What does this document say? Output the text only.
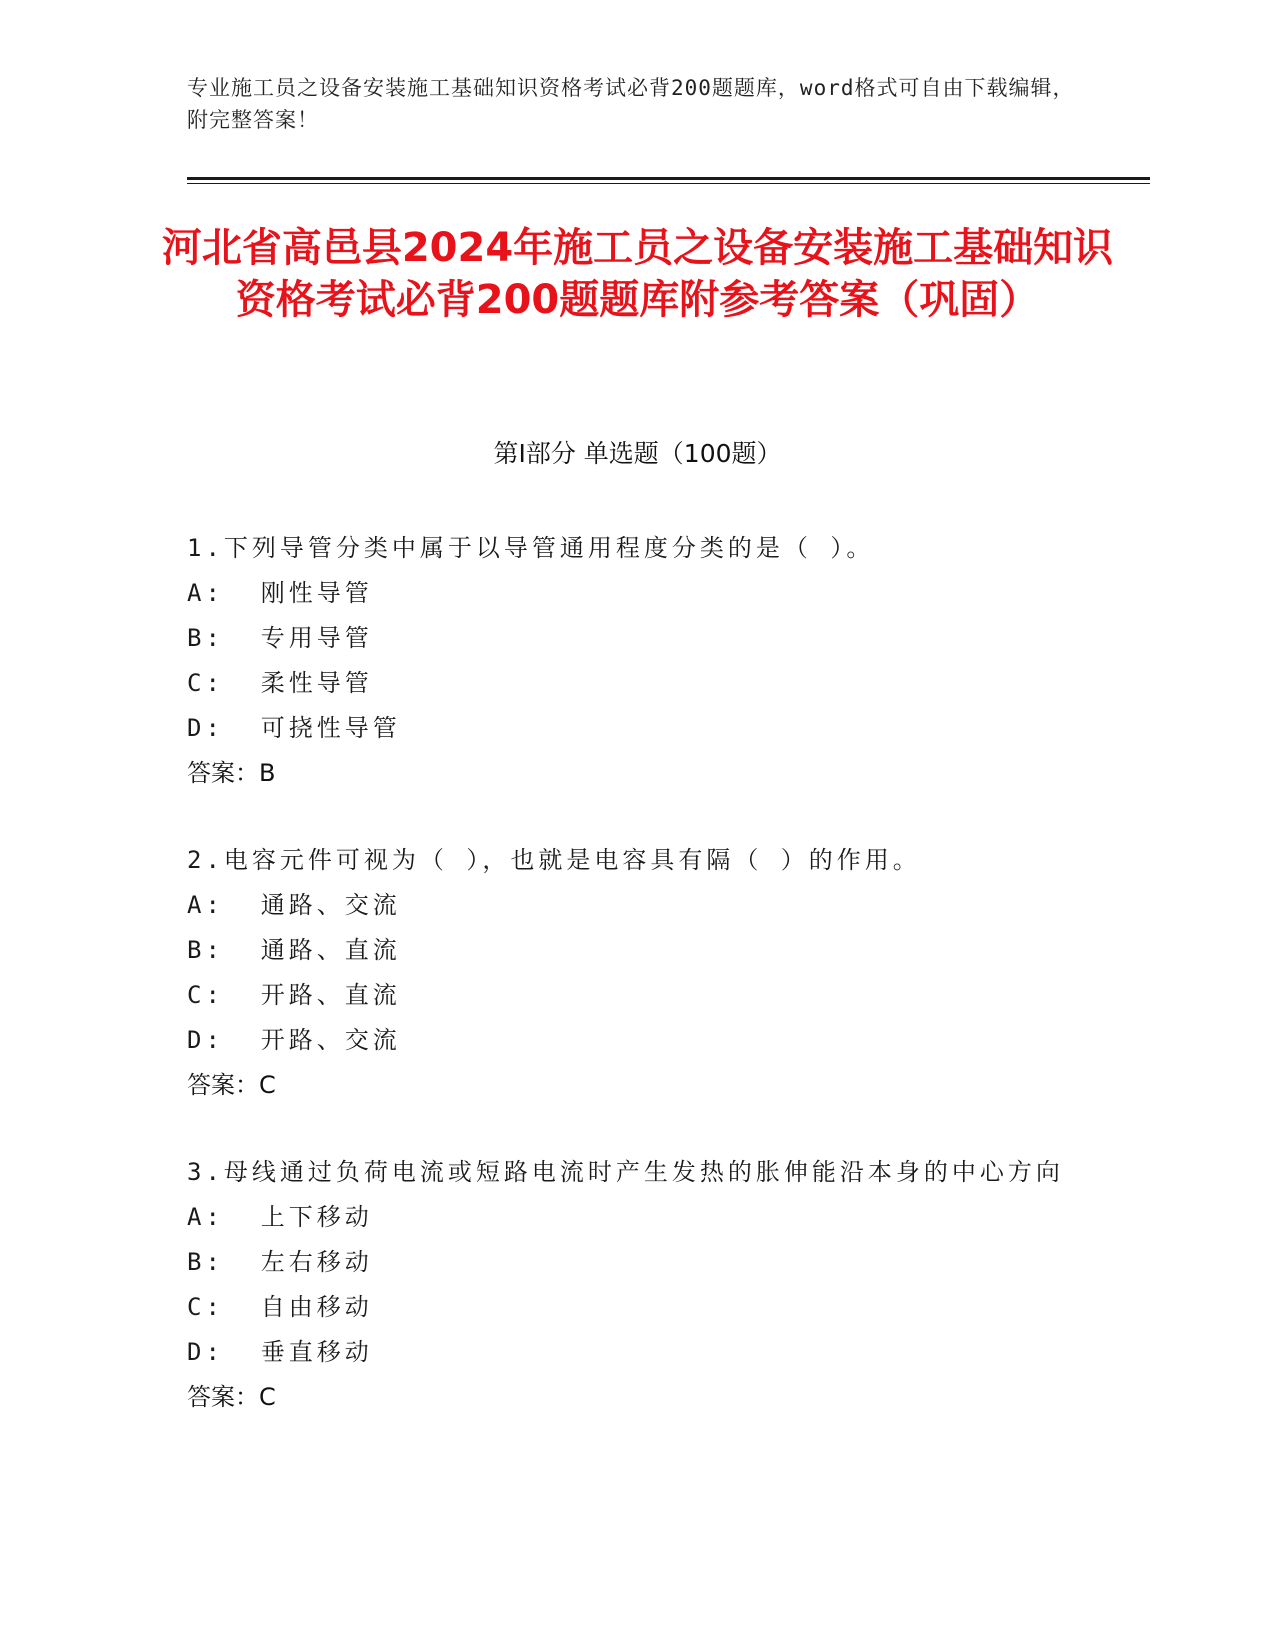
专业施工员之设备安装施工基础知识资格考试必背200题题库，word格式可自由下载编辑，附完整答案！
河北省高邑县2024年施工员之设备安装施工基础知识资格考试必背200题题库附参考答案（巩固）
第Ⅰ部分 单选题（100题）
1.下列导管分类中属于以导管通用程度分类的是（ ）。
A:  刚性导管
B:  专用导管
C:  柔性导管
D:  可挠性导管
答案：B
2.电容元件可视为（ ），也就是电容具有隔（ ）的作用。
A:  通路、交流
B:  通路、直流
C:  开路、直流
D:  开路、交流
答案：C
3.母线通过负荷电流或短路电流时产生发热的胀伸能沿本身的中心方向
A:  上下移动
B:  左右移动
C:  自由移动
D:  垂直移动
答案：C
